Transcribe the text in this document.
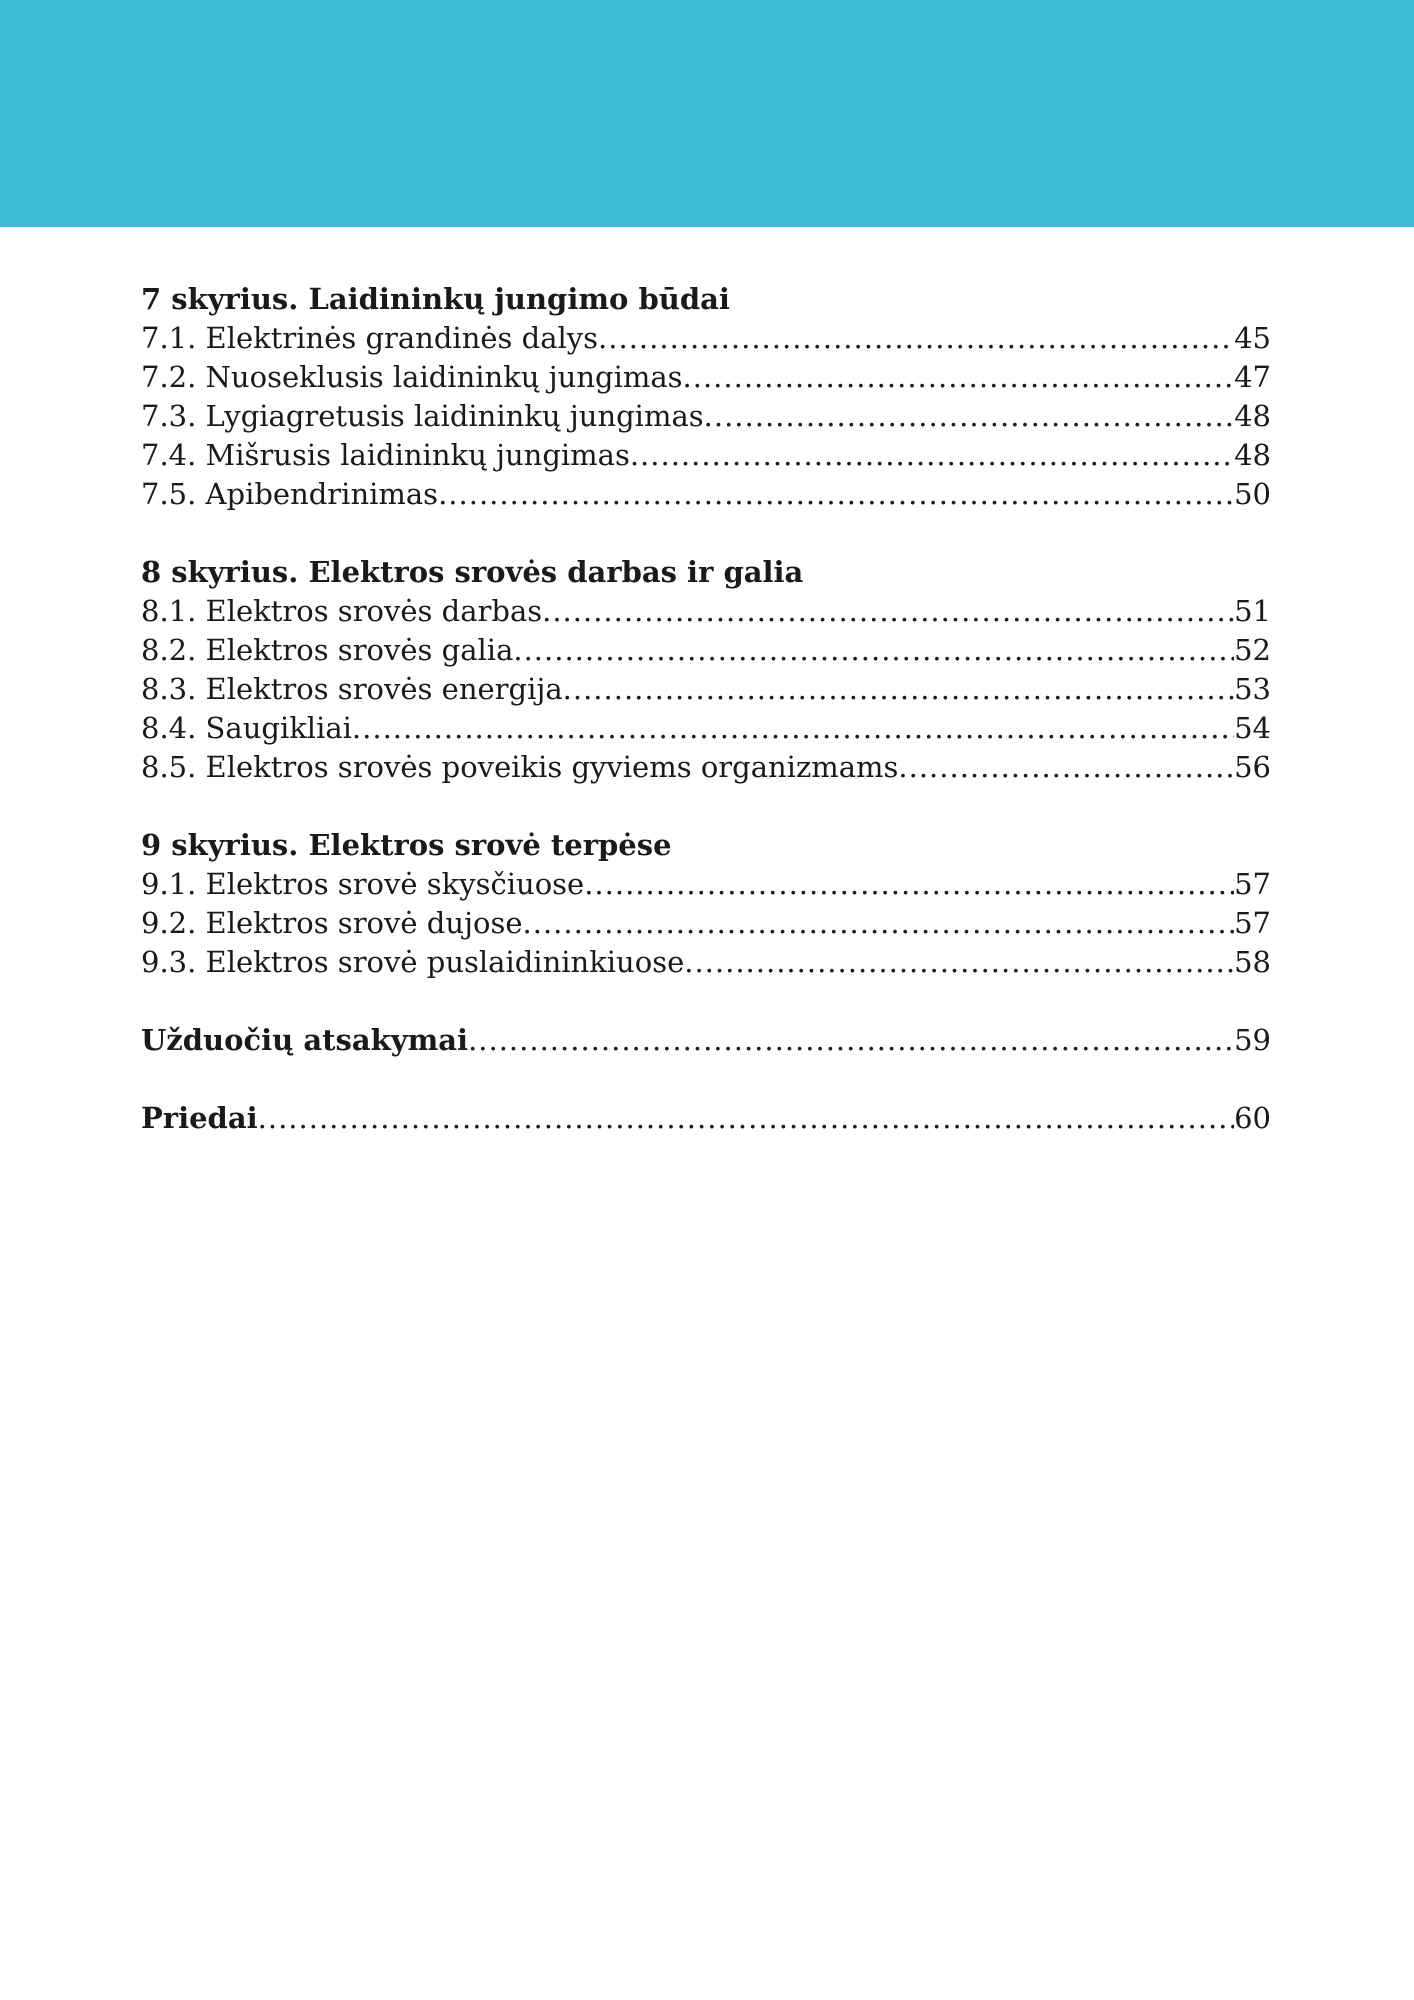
7 skyrius. Laidininkų jungimo būdai
7.1. Elektrinės grandinės dalys .....	45
7.2. Nuoseklusis laidininkų jungimas .....	47
7.3. Lygiagretusis laidininkų jungimas .....	48
7.4. Mišrusis laidininkų jungimas .....	48
7.5. Apibendrinimas .....	50
8 skyrius. Elektros srovės darbas ir galia
8.1. Elektros srovės darbas .....	51
8.2. Elektros srovės galia .....	52
8.3. Elektros srovės energija .....	53
8.4. Saugikliai .....	54
8.5. Elektros srovės poveikis gyviems organizmams .....	56
9 skyrius. Elektros srovė terpėse
9.1. Elektros srovė skysčiuose .....	57
9.2. Elektros srovė dujose .....	57
9.3. Elektros srovė puslaidininkiuose .....	58
Užduočių atsakymai .....	59
Priedai .....	60
